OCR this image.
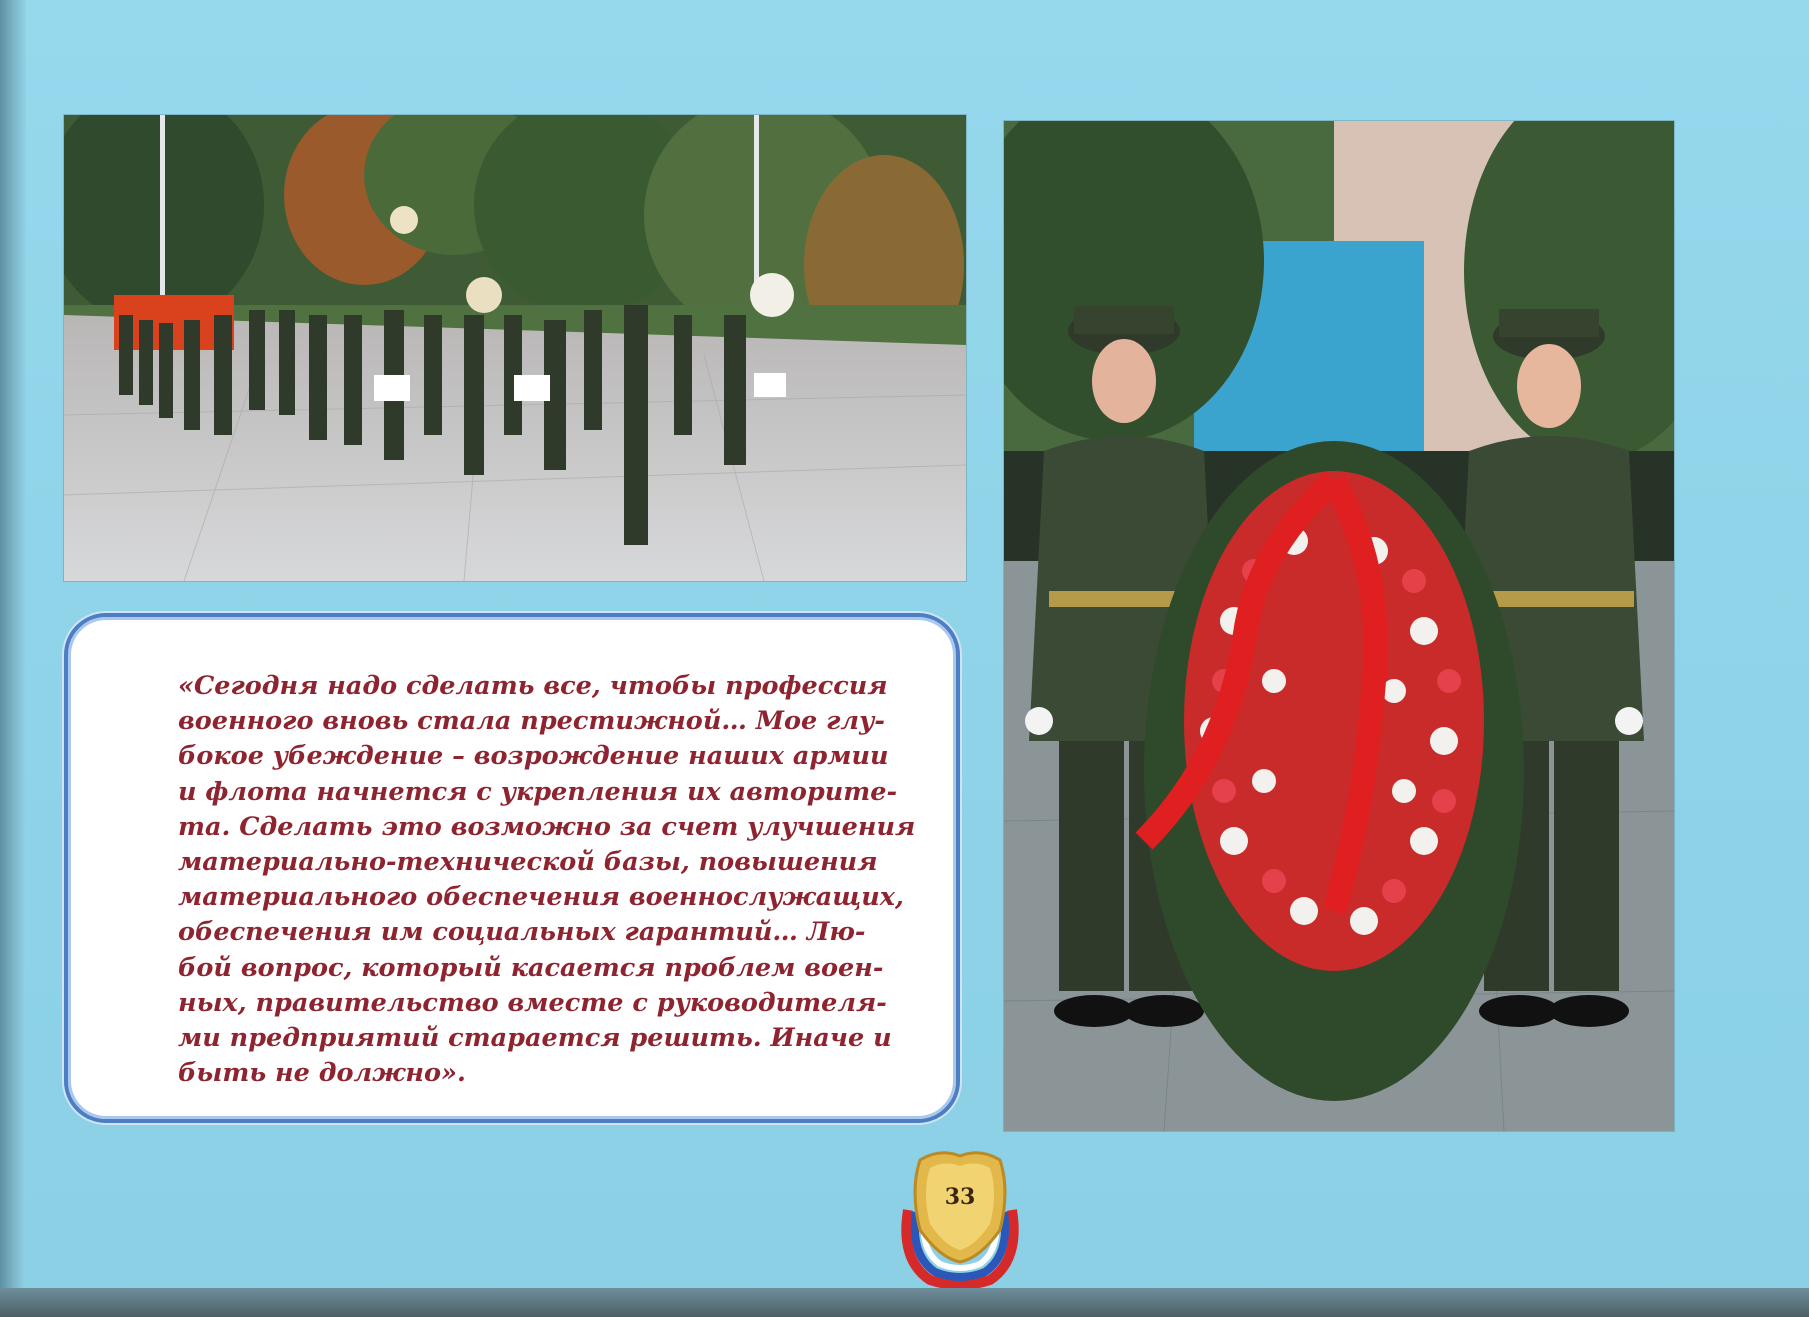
«Сегодня надо сделать все, чтобы профессия
военного вновь стала престижной… Мое глу-
бокое убеждение – возрождение наших армии
и флота начнется с укрепления их авторите-
та. Сделать это возможно за счет улучшения
материально-технической базы, повышения
материального обеспечения военнослужащих,
обеспечения им социальных гарантий… Лю-
бой вопрос, который касается проблем воен-
ных, правительство вместе с руководителя-
ми предприятий старается решить. Иначе и
быть не должно».
33
